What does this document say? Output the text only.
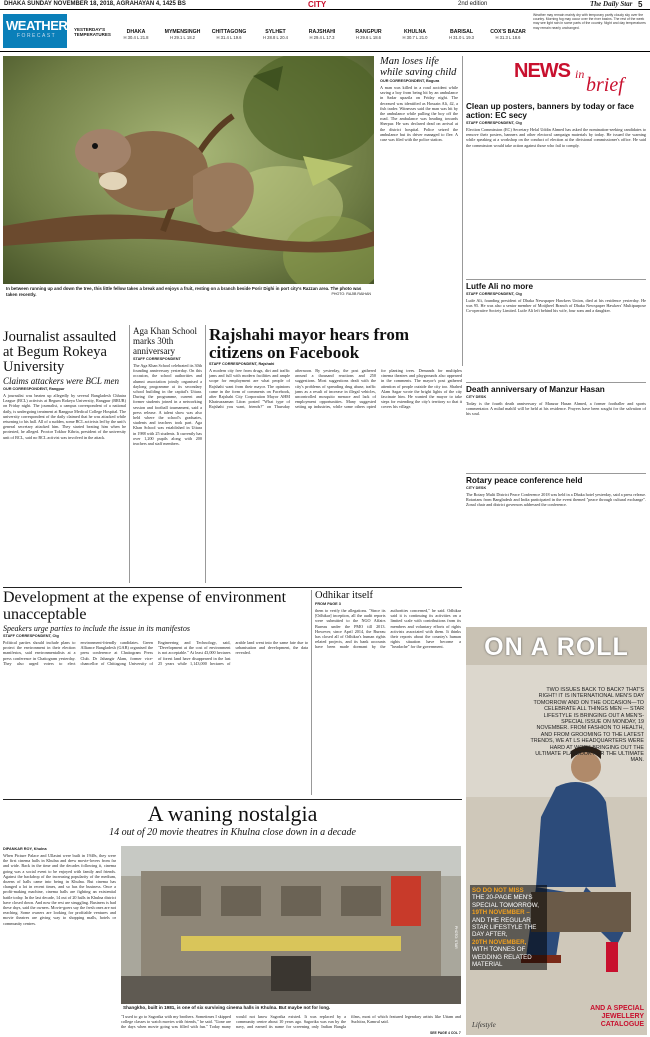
DHAKA SUNDAY NOVEMBER 18, 2018, AGRAHAYAN 4, 1425 BS	CITY	2nd edition	The Daily Star 5
WEATHER
FORECAST
YESTERDAY'S
TEMPERATURES	DHAKA
H 30.4 L 21.8
MYMENSINGH
H 29.1 L 18.2
CHITTAGONG
H 31.4 L 19.6
SYLHET
H 28.8 L 20.4
RAJSHAHI
H 29.4 L 17.3
RANGPUR
H 29.6 L 18.6
KHULNA
H 30.7 L 21.0
BARISAL
H 31.0 L 19.3
COX'S BAZAR
H 31.3 L 18.6
Weather may remain mainly dry with temporary partly cloudy sky over the country. Morning fog may occur over the river basins. The rest of the week may see light rain in some parts of the country. Night and day temperatures may remain nearly unchanged.
In between running up and down the tree, this little fellow takes a break and enjoys a fruit, resting on a branch beside Porir Dighi in port city's Razzan area. The photo was taken recently.	PHOTO: RAJIB RAIHAN
Man loses life while saving child
OUR CORRESPONDENT, Bogura
A man was killed in a road accident while saving a boy from being hit by an ambulance in Sadar upazila on Friday night. The deceased was identified as Hossain Ali, 42, a fish trader. Witnesses said the man was hit by the ambulance while pulling the boy off the road. The ambulance was heading towards Sherpur. He was declared dead on arrival at the district hospital. Police seized the ambulance but its driver managed to flee. A case was filed with the police station.
NEWS in brief
Clean up posters, banners by today or face action: EC secy
STAFF CORRESPONDENT, Ctg
Election Commission (EC) Secretary Helal Uddin Ahmed has asked the nomination-seeking candidates to remove their posters, banners and other electoral campaign materials by today. He issued the warning while speaking at a workshop on the conduct of election at the divisional commissioner's office. He said the commission would take action against those who fail to comply.
Lutfe Ali no more
STAFF CORRESPONDENT, Ctg
Lutfe Ali, founding president of Dhaka Newspaper Hawkers Union, died at his residence yesterday. He was 95. He was also a senior member of Motijheel Branch of Dhaka Newspaper Hawkers' Multipurpose Co-operative Society Limited. Lutfe Ali left behind his wife, four sons and a daughter.
Death anniversary of Manzur Hasan
CITY DESK
Today is the fourth death anniversary of Manzur Hasan Ahmed, a former footballer and sports commentator. A milad mahfil will be held at his residence. Prayers have been sought for the salvation of his soul.
Rotary peace conference held
CITY DESK
The Rotary Multi District Peace Conference 2018 was held in a Dhaka hotel yesterday, said a press release. Rotarians from Bangladesh and India participated in the event themed "peace through cultural exchange". Zonal chair and district governors addressed the conference.
Journalist assaulted at Begum Rokeya University
Claims attackers were BCL men
OUR CORRESPONDENT, Rangpur
A journalist was beaten up allegedly by several Bangladesh Chhatra League (BCL) activists at Begum Rokeya University, Rangpur (BRUR) on Friday night. The journalist, a campus correspondent of a national daily, is undergoing treatment at Rangpur Medical College Hospital. The university correspondent of the daily claimed that he was attacked while returning to his hall. All of a sudden, some BCL activists led by the unit's general secretary attacked him. They started beating him when he protested, he alleged. Proctor Tokhor Kibria, president of the university unit of BCL, said no BCL activist was involved in the attack.
Aga Khan School marks 30th anniversary
STAFF CORRESPONDENT
The Aga Khan School celebrated its 30th founding anniversary yesterday. On this occasion, the school authorities and alumni association jointly organised a daylong programme at its secondary school building in the capital's Uttara. During the programme, current and former students joined in a networking session and football tournament, said a press release. A talent show was also held where the school's graduates, students and teachers took part. Aga Khan School was established in Uttara in 1988 with 25 students. It currently has over 1,200 pupils along with 200 teachers and staff members.
Rajshahi mayor hears from citizens on Facebook
STAFF CORRESPONDENT, Rajshahi
A modern city free from drugs, dirt and traffic jams and full with modern facilities and ample scope for employment are what people of Rajshahi want from their mayor. The opinions came in the form of comments on Facebook, after Rajshahi City Corporation Mayor AHM Khairuzzaman Liton posted "What type of Rajshahi you want, friends?" on Thursday afternoon. By yesterday, the post gathered around a thousand reactions and 250 suggestions. Most suggestions dealt with the city's problems of spreading drug abuse, traffic jams as a result of increase in illegal vehicles, uncontrolled mosquito menace and lack of employment opportunities. Many suggested setting up industries, while some others opted for planting trees. Demands for multiplex cinema theatres and playgrounds also appeared in the comments. The mayor's post gathered attention of people outside the city too. Shahed Alam Sagar wrote the bright lights of the city fascinate him. He wanted the mayor to take steps for extending the city's territory so that it covers his village.
Development at the expense of environment unacceptable
Speakers urge parties to include the issue in its manifestos
STAFF CORRESPONDENT, Ctg
Political parties should include plans to protect the environment in their election manifestos, said environmentalists at a press conference in Chattogram yesterday. They also urged voters to elect environment-friendly candidates. Green Alliance Bangladesh (GAB) organised the press conference at Chattogram Press Club. Dr Jahangir Alam, former vice-chancellor of Chittagong University of Engineering and Technology, said, "Development at the cost of environment is not acceptable." At least 43,000 hectares of forest land have disappeared in the last 25 years while 1,143,000 hectares of arable land went into the same fate due to urbanisation and development, the data revealed.
Odhikar itself
FROM PAGE 3
them to verify the allegations. "Since its [Odhikar] inception, all the audit reports were submitted to the NGO Affairs Bureau under the PMO till 2013. However, since April 2014, the Bureau has closed all of Odhikar's human rights related projects, and its bank accounts have been made dormant by the authorities concerned," he said. Odhikar said it is continuing its activities on a limited scale with contributions from its members and voluntary efforts of rights activists associated with them. It thinks their reports about the country's human rights situation have become a "headache" for the government.	ON A ROLL
TWO ISSUES BACK TO BACK? THAT'S RIGHT! IT IS INTERNATIONAL MEN'S DAY TOMORROW AND ON THE OCCASION—TO CELEBRATE ALL THINGS MEN — STAR LIFESTYLE IS BRINGING OUT A MEN'S-SPECIAL ISSUE ON MONDAY, 19 NOVEMBER. FROM FASHION TO HEALTH, AND FROM GROOMING TO THE LATEST TRENDS, WE AT LS HEADQUARTERS WERE HARD AT WORK BRINGING OUT THE ULTIMATE PLAYBOOK FOR THE ULTIMATE MAN.
SO DO NOT MISS
THE 20-PAGE MEN'S SPECIAL TOMORROW,
19TH NOVEMBER –
AND THE REGULAR STAR LIFESTYLE THE DAY AFTER,
20TH NOVEMBER,
WITH TONNES OF WEDDING RELATED MATERIAL
AND A SPECIAL JEWELLERY CATALOGUE
Lifestyle
A waning nostalgia
14 out of 20 movie theatres in Khulna close down in a decade
DIPANKAR ROY, Khulna
When Picture Palace and Ullasini were built in 1940s, they were the first cinema halls in Khulna and drew movie-lovers from far and wide. Back in the time and the decades following it, cinema going was a social event to be enjoyed with family and friends. Against the backdrop of the increasing popularity of the medium, dozens of halls came into being in Khulna. But cinema has changed a lot in recent times, and so has the business. Once a profit-making machine, cinema halls are fighting an existential battle today. In the last decade, 14 out of 20 halls in Khulna district have closed down. And now the rest are struggling. Business is bad these days, said the owners. Movie-goers say the fresh ones are not reaching. Some owners are looking for profitable ventures and movie theatres are giving way to shopping malls, hotels or community centres.
Shangkho, built in 1981, is one of six surviving cinema halls in Khulna. But maybe not for long.
PHOTO: STAR
"I used to go to Sagorika with my brothers. Sometimes I skipped college classes to watch movies with friends," he said. "Gone are the days when movie going was filled with fun." Today many would not know Sagorika existed. It was replaced by a community centre about 10 years ago. Sagorika was run by the navy, and earned its name for screening only Indian Bangla films, most of which featured legendary artists like Uttam and Suchitra, Kamrul said.
SEE PAGE 4 COL 7
